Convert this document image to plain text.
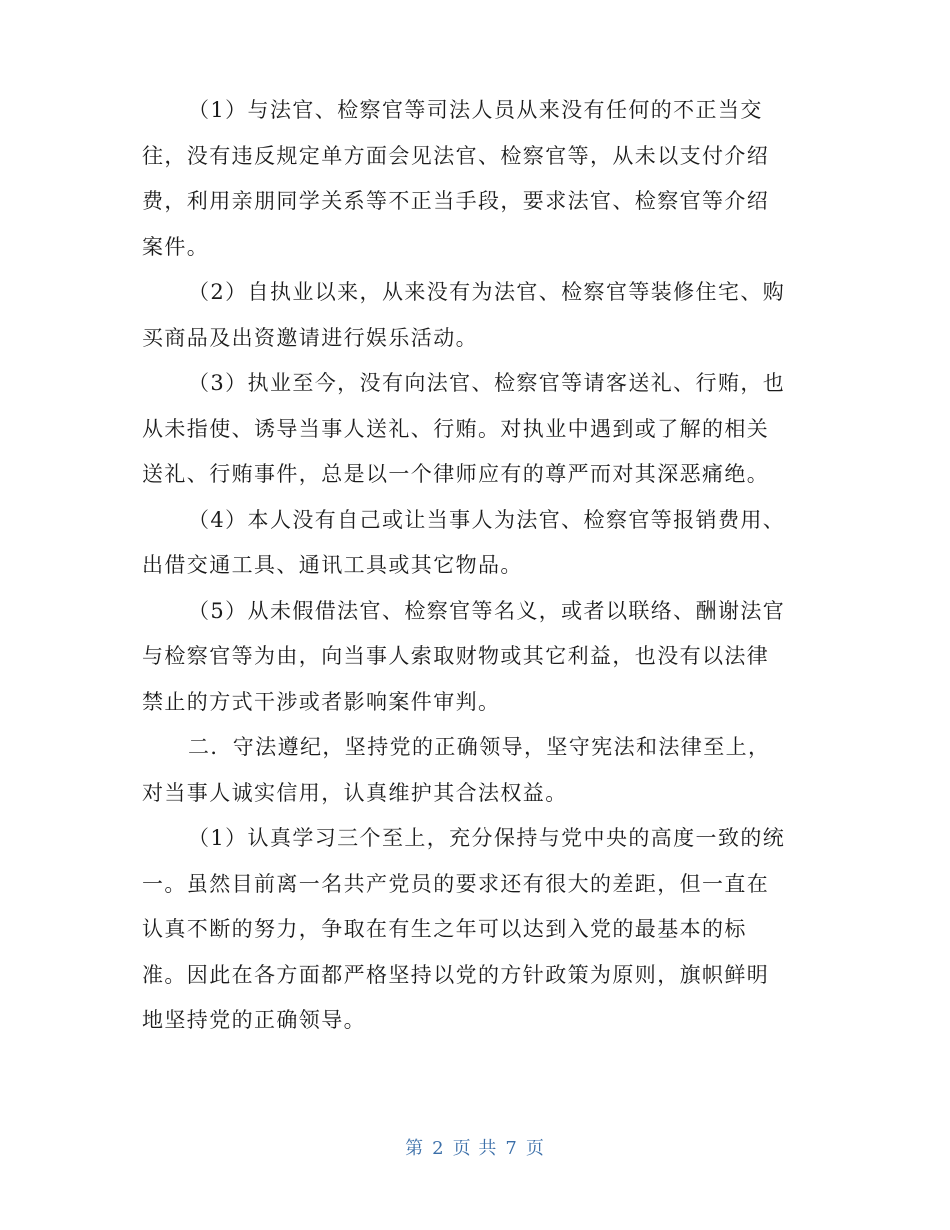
（1）与法官、检察官等司法人员从来没有任何的不正当交
往，没有违反规定单方面会见法官、检察官等，从未以支付介绍
费，利用亲朋同学关系等不正当手段，要求法官、检察官等介绍
案件。
（2）自执业以来，从来没有为法官、检察官等装修住宅、购
买商品及出资邀请进行娱乐活动。
（3）执业至今，没有向法官、检察官等请客送礼、行贿，也
从未指使、诱导当事人送礼、行贿。对执业中遇到或了解的相关
送礼、行贿事件，总是以一个律师应有的尊严而对其深恶痛绝。
（4）本人没有自己或让当事人为法官、检察官等报销费用、
出借交通工具、通讯工具或其它物品。
（5）从未假借法官、检察官等名义，或者以联络、酬谢法官
与检察官等为由，向当事人索取财物或其它利益，也没有以法律
禁止的方式干涉或者影响案件审判。
二．守法遵纪，坚持党的正确领导，坚守宪法和法律至上，
对当事人诚实信用，认真维护其合法权益。
（1）认真学习三个至上，充分保持与党中央的高度一致的统
一。虽然目前离一名共产党员的要求还有很大的差距，但一直在
认真不断的努力，争取在有生之年可以达到入党的最基本的标
准。因此在各方面都严格坚持以党的方针政策为原则，旗帜鲜明
地坚持党的正确领导。
第 2 页 共 7 页
